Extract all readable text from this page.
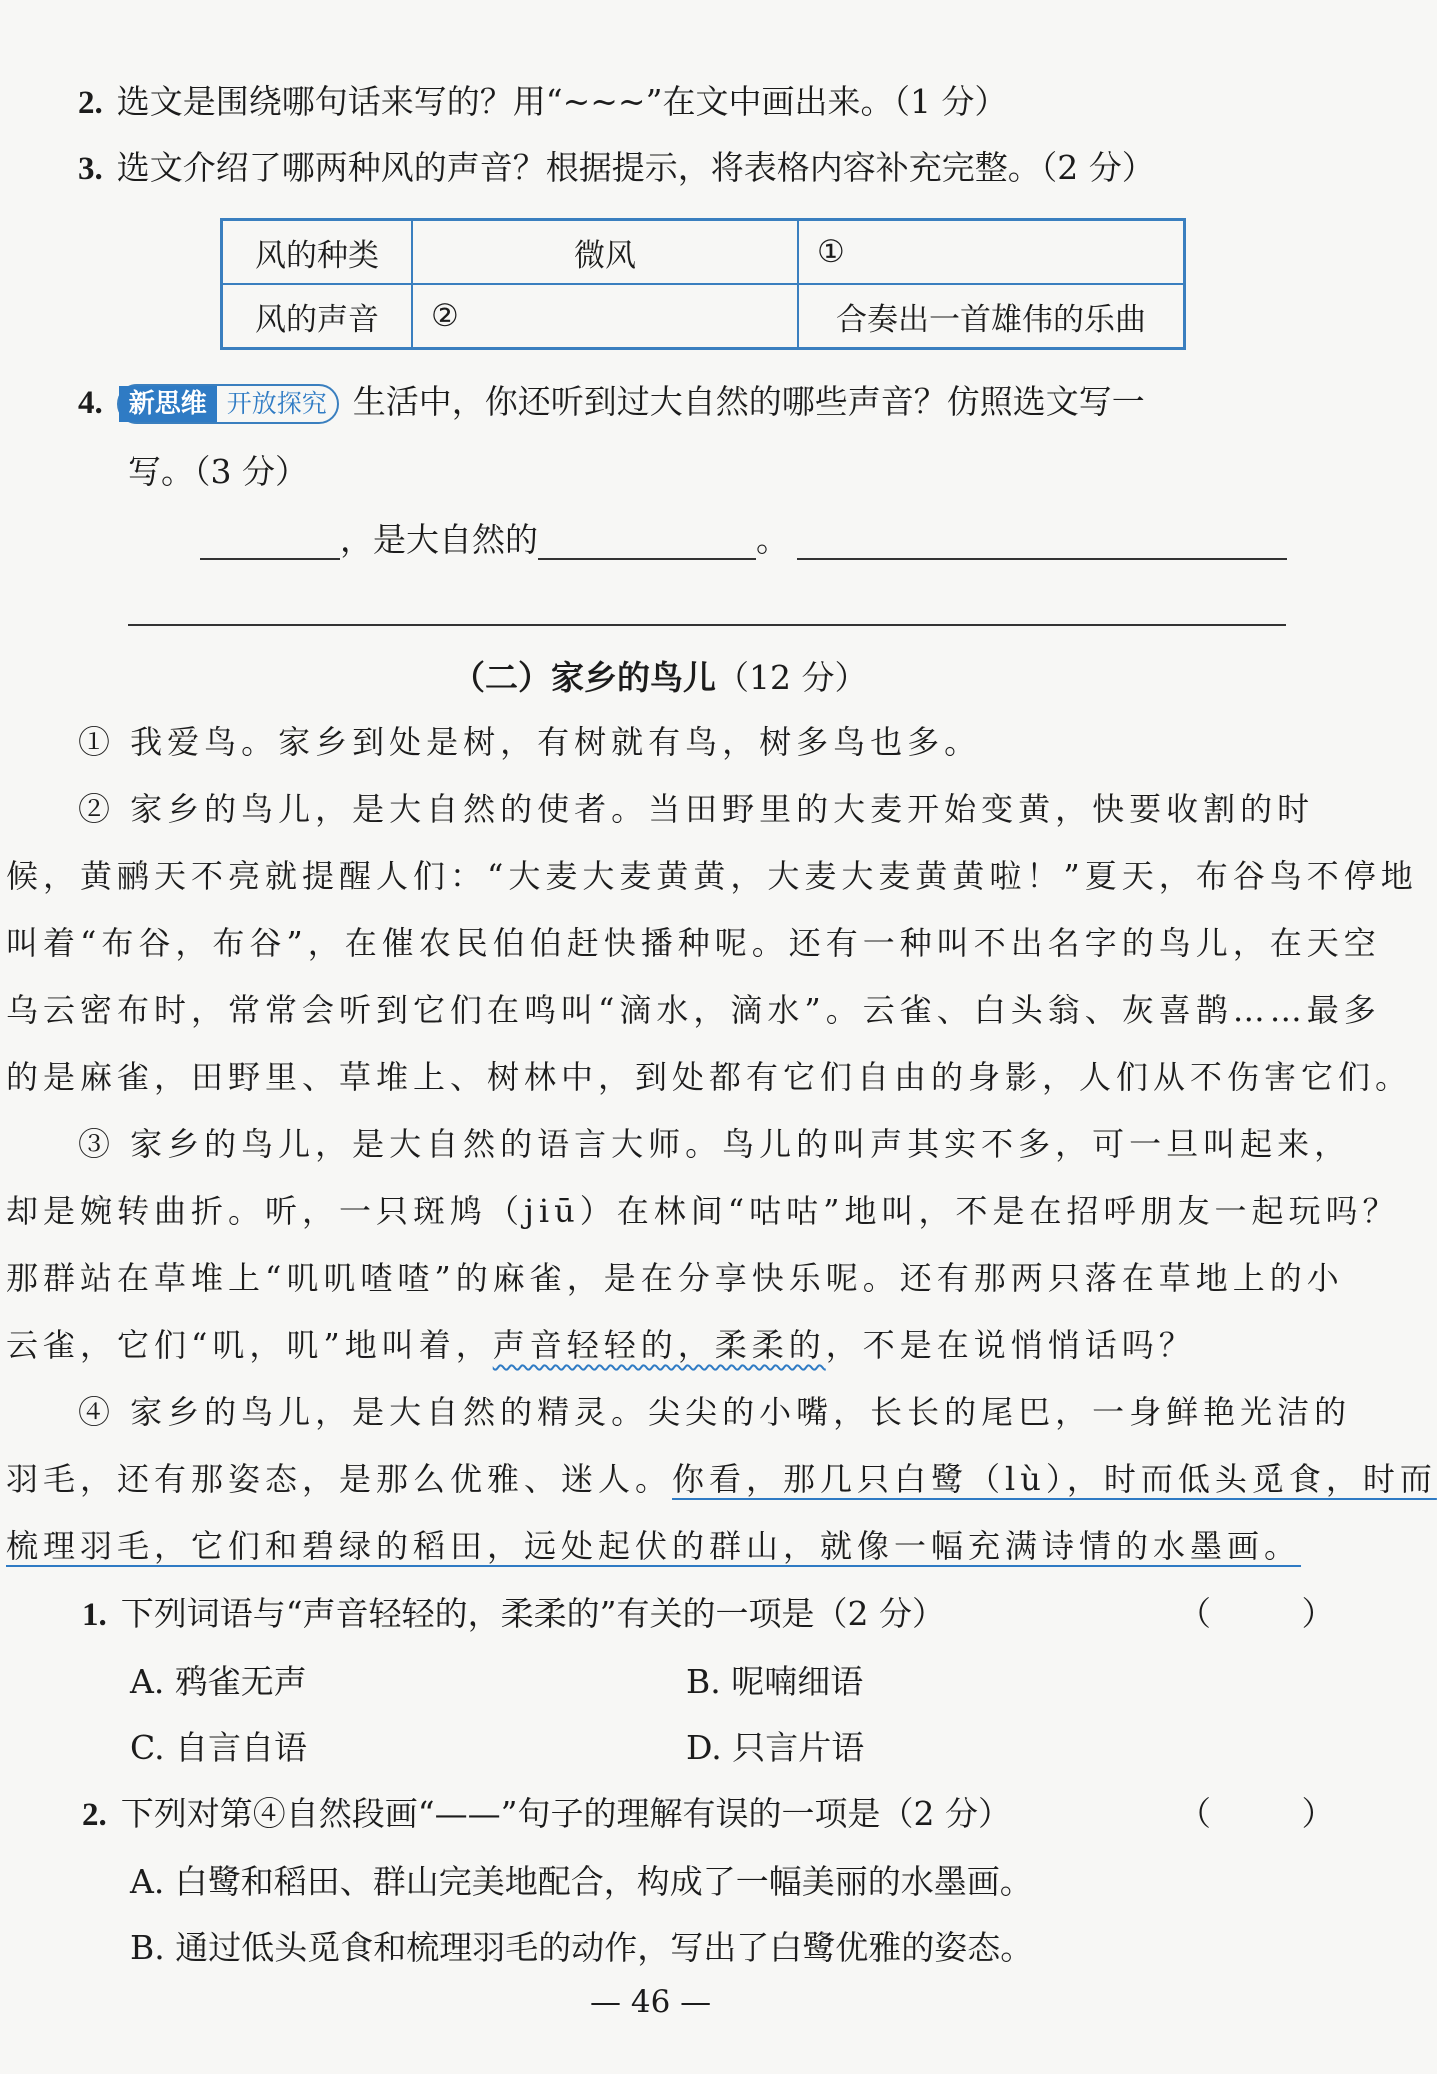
2. 选文是围绕哪句话来写的？用“~~~”在文中画出来。（1 分）
3. 选文介绍了哪两种风的声音？根据提示，将表格内容补充完整。（2 分）
风的种类	微风	①
风的声音	②	合奏出一首雄伟的乐曲
4.	新思维 开放探究 生活中，你还听到过大自然的哪些声音？仿照选文写一
写。（3 分）
，是大自然的	。
（二）家乡的鸟儿（12 分）
① 我爱鸟。家乡到处是树，有树就有鸟，树多鸟也多。
② 家乡的鸟儿，是大自然的使者。当田野里的大麦开始变黄，快要收割的时
候，黄鹂天不亮就提醒人们：“大麦大麦黄黄，大麦大麦黄黄啦！”夏天，布谷鸟不停地
叫着“布谷，布谷”，在催农民伯伯赶快播种呢。还有一种叫不出名字的鸟儿，在天空
乌云密布时，常常会听到它们在鸣叫“滴水，滴水”。云雀、白头翁、灰喜鹊……最多
的是麻雀，田野里、草堆上、树林中，到处都有它们自由的身影，人们从不伤害它们。
③ 家乡的鸟儿，是大自然的语言大师。鸟儿的叫声其实不多，可一旦叫起来，
却是婉转曲折。听，一只斑鸠（jiū）在林间“咕咕”地叫，不是在招呼朋友一起玩吗？
那群站在草堆上“叽叽喳喳”的麻雀，是在分享快乐呢。还有那两只落在草地上的小
云雀，它们“叽，叽”地叫着，声音轻轻的，柔柔的，不是在说悄悄话吗？
④ 家乡的鸟儿，是大自然的精灵。尖尖的小嘴，长长的尾巴，一身鲜艳光洁的
羽毛，还有那姿态，是那么优雅、迷人。你看，那几只白鹭（lù），时而低头觅食，时而
梳理羽毛，它们和碧绿的稻田，远处起伏的群山，就像一幅充满诗情的水墨画。
1. 下列词语与“声音轻轻的，柔柔的”有关的一项是（2 分）	（ ）
A. 鸦雀无声	B. 呢喃细语
C. 自言自语	D. 只言片语
2. 下列对第④自然段画“——”句子的理解有误的一项是（2 分）	（ ）
A. 白鹭和稻田、群山完美地配合，构成了一幅美丽的水墨画。
B. 通过低头觅食和梳理羽毛的动作，写出了白鹭优雅的姿态。
— 46 —
